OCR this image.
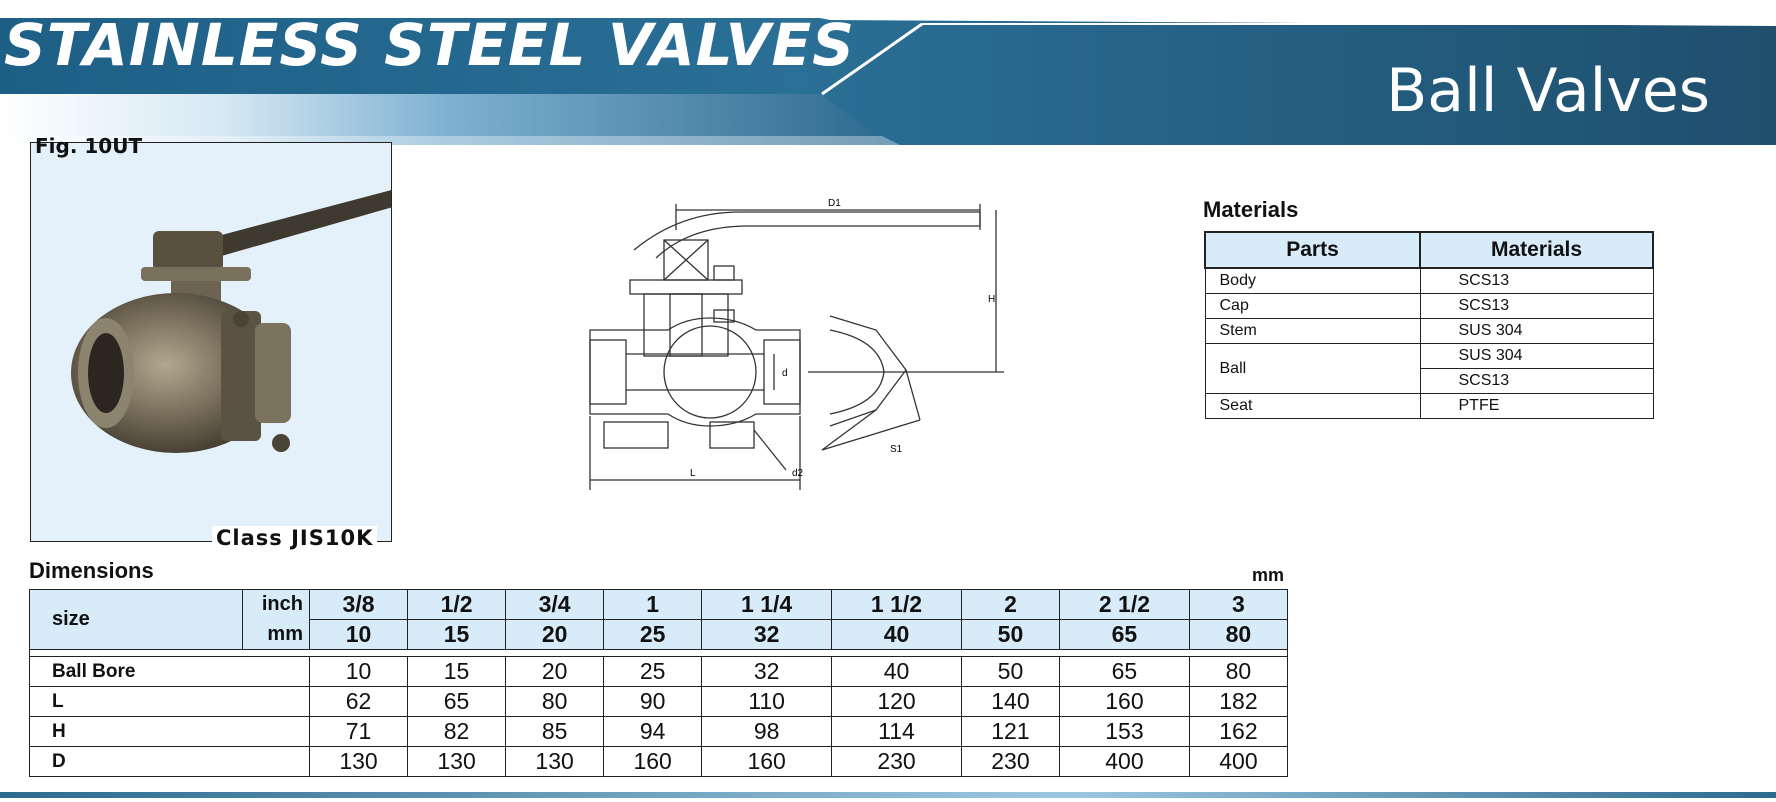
STAINLESS STEEL VALVES
Ball Valves
Fig. 10UT
Class JIS10K
D1
H
d
S1
d2
L
Materials
Parts	Materials
Body	SCS13
Cap	SCS13
Stem	SUS 304
Ball	SUS 304
	SCS13
Seat	PTFE
Dimensions	mm
size	inch	3/8	1/2	3/4	1	1 1/4	1 1/2	2	2 1/2	3
	mm	10	15	20	25	32	40	50	65	80

Ball Bore		10	15	20	25	32	40	50	65	80
L		62	65	80	90	110	120	140	160	182
H		71	82	85	94	98	114	121	153	162
D		130	130	130	160	160	230	230	400	400
